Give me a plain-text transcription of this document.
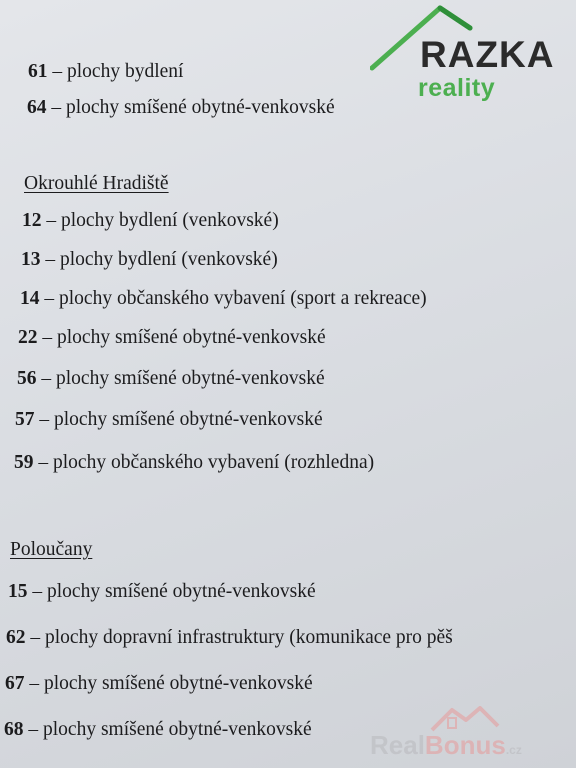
RAZKA
reality
61 – plochy bydlení
64 – plochy smíšené obytné-venkovské
Okrouhlé Hradiště
12 – plochy bydlení (venkovské)
13 – plochy bydlení (venkovské)
14 – plochy občanského vybavení (sport a rekreace)
22 – plochy smíšené obytné-venkovské
56 – plochy smíšené obytné-venkovské
57 – plochy smíšené obytné-venkovské
59 – plochy občanského vybavení (rozhledna)
Poloučany
15 – plochy smíšené obytné-venkovské
62 – plochy dopravní infrastruktury (komunikace pro pěš
67 – plochy smíšené obytné-venkovské
68 – plochy smíšené obytné-venkovské
RealBonus.cz
